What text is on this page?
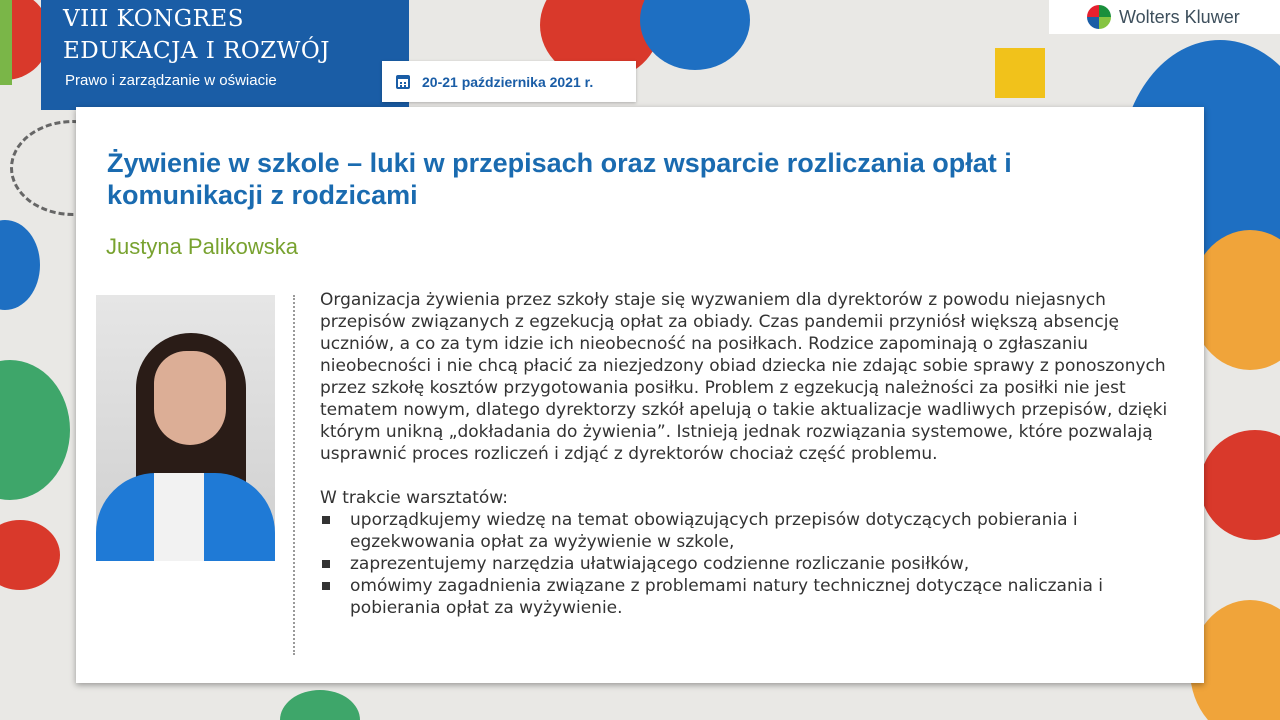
VIII KONGRES
EDUKACJA I ROZWÓJ
Prawo i zarządzanie w oświacie	20-21 października 2021 r.
Wolters Kluwer
Żywienie w szkole – luki w przepisach oraz wsparcie rozliczania opłat i komunikacji z rodzicami
Justyna Palikowska

Organizacja żywienia przez szkoły staje się wyzwaniem dla dyrektorów z powodu niejasnych przepisów związanych z egzekucją opłat za obiady. Czas pandemii przyniósł większą absencję uczniów, a co za tym idzie ich nieobecność na posiłkach. Rodzice zapominają o zgłaszaniu nieobecności i nie chcą płacić za niezjedzony obiad dziecka nie zdając sobie sprawy z ponoszonych przez szkołę kosztów przygotowania posiłku. Problem z egzekucją należności za posiłki nie jest tematem nowym, dlatego dyrektorzy szkół apelują o takie aktualizacje wadliwych przepisów, dzięki którym unikną „dokładania do żywienia”. Istnieją jednak rozwiązania systemowe, które pozwalają usprawnić proces rozliczeń i zdjąć z dyrektorów chociaż część problemu.

W trakcie warsztatów:

uporządkujemy wiedzę na temat obowiązujących przepisów dotyczących pobierania i egzekwowania opłat za wyżywienie w szkole,
zaprezentujemy narzędzia ułatwiającego codzienne rozliczanie posiłków,
omówimy zagadnienia związane z problemami natury technicznej dotyczące naliczania i pobierania opłat za wyżywienie.
